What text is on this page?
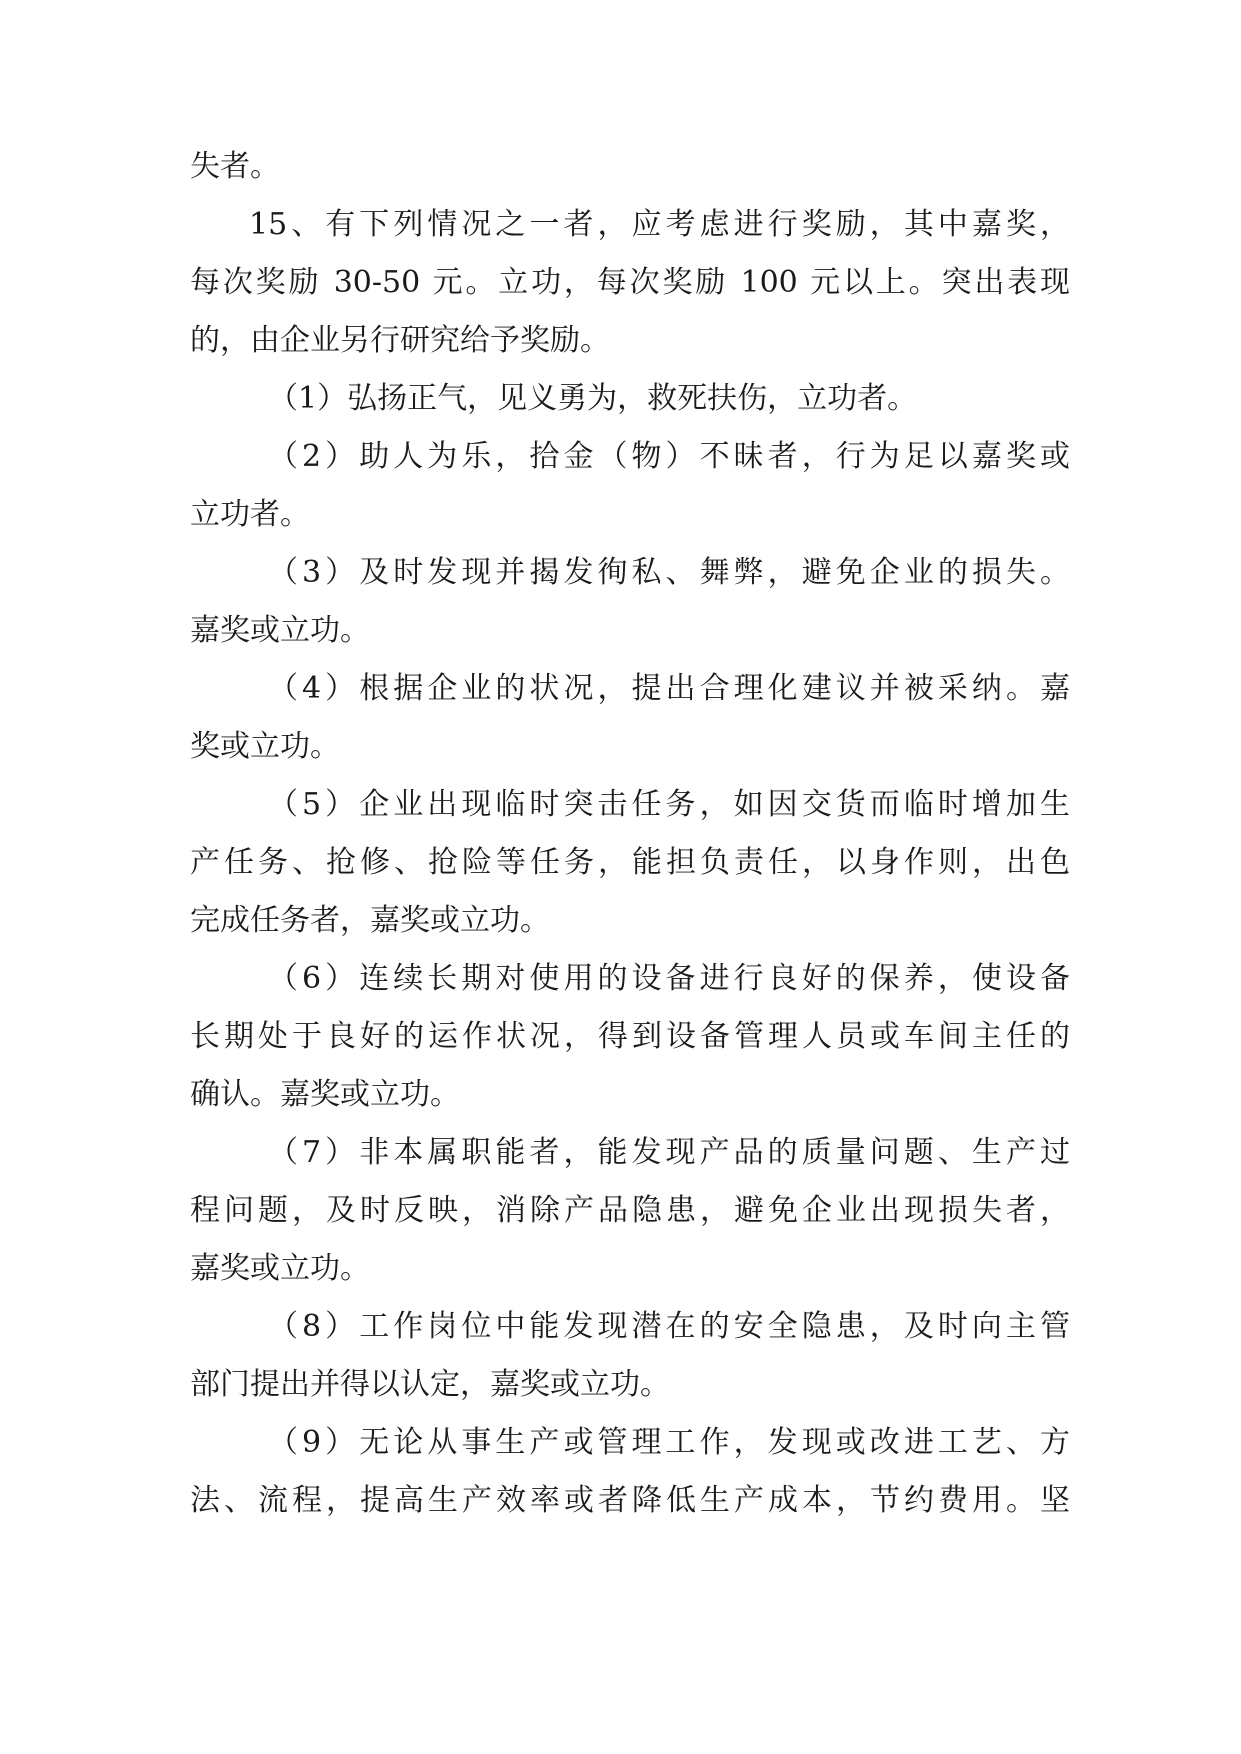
失者。

15、有下列情况之一者，应考虑进行奖励，其中嘉奖，

每次奖励 30-50 元。立功，每次奖励 100 元以上。突出表现

的，由企业另行研究给予奖励。

（1）弘扬正气，见义勇为，救死扶伤，立功者。

（2）助人为乐，拾金（物）不昧者，行为足以嘉奖或

立功者。

（3）及时发现并揭发徇私、舞弊，避免企业的损失。

嘉奖或立功。

（4）根据企业的状况，提出合理化建议并被采纳。嘉

奖或立功。

（5）企业出现临时突击任务，如因交货而临时增加生

产任务、抢修、抢险等任务，能担负责任，以身作则，出色

完成任务者，嘉奖或立功。

（6）连续长期对使用的设备进行良好的保养，使设备

长期处于良好的运作状况，得到设备管理人员或车间主任的

确认。嘉奖或立功。

（7）非本属职能者，能发现产品的质量问题、生产过

程问题，及时反映，消除产品隐患，避免企业出现损失者，

嘉奖或立功。

（8）工作岗位中能发现潜在的安全隐患，及时向主管

部门提出并得以认定，嘉奖或立功。

（9）无论从事生产或管理工作，发现或改进工艺、方

法、流程，提高生产效率或者降低生产成本，节约费用。坚
